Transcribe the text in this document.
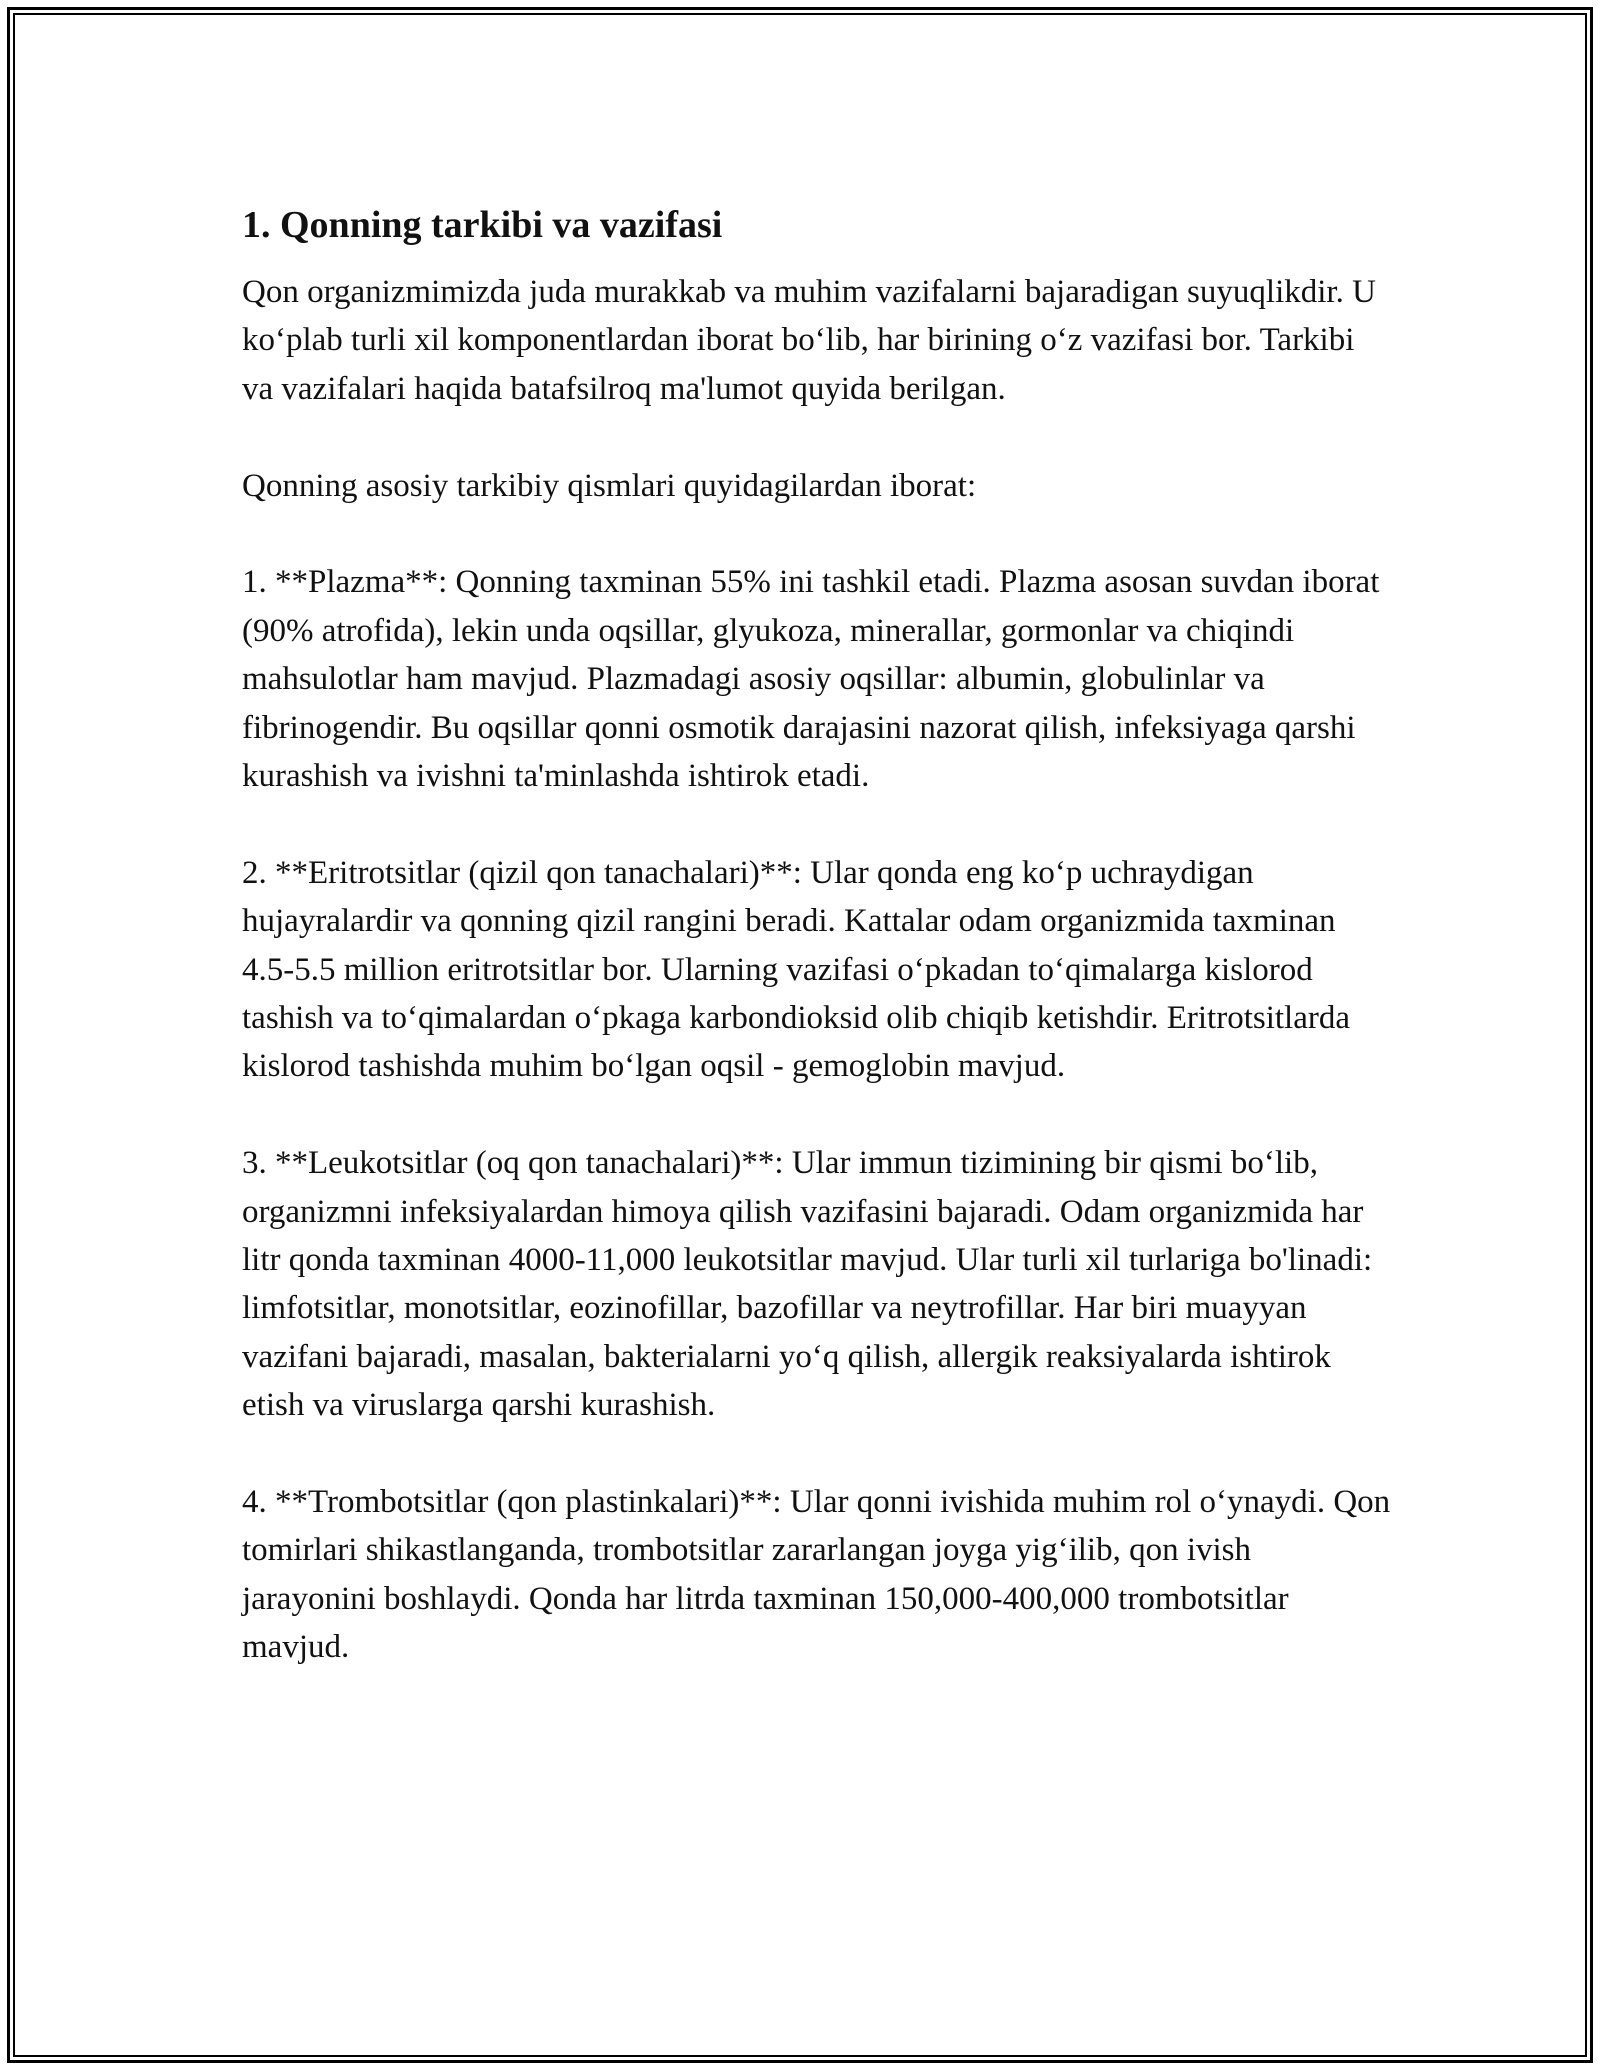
1. Qonning tarkibi va vazifasi

Qon organizmimizda juda murakkab va muhim vazifalarni bajaradigan suyuqlikdir. U ko‘plab turli xil komponentlardan iborat bo‘lib, har birining o‘z vazifasi bor. Tarkibi va vazifalari haqida batafsilroq ma'lumot quyida berilgan.

Qonning asosiy tarkibiy qismlari quyidagilardan iborat:

1. **Plazma**: Qonning taxminan 55% ini tashkil etadi. Plazma asosan suvdan iborat (90% atrofida), lekin unda oqsillar, glyukoza, minerallar, gormonlar va chiqindi mahsulotlar ham mavjud. Plazmadagi asosiy oqsillar: albumin, globulinlar va fibrinogendir. Bu oqsillar qonni osmotik darajasini nazorat qilish, infeksiyaga qarshi kurashish va ivishni ta'minlashda ishtirok etadi.

2. **Eritrotsitlar (qizil qon tanachalari)**: Ular qonda eng ko‘p uchraydigan hujayralardir va qonning qizil rangini beradi. Kattalar odam organizmida taxminan 4.5-5.5 million eritrotsitlar bor. Ularning vazifasi o‘pkadan to‘qimalarga kislorod tashish va to‘qimalardan o‘pkaga karbondioksid olib chiqib ketishdir. Eritrotsitlarda kislorod tashishda muhim bo‘lgan oqsil - gemoglobin mavjud.

3. **Leukotsitlar (oq qon tanachalari)**: Ular immun tizimining bir qismi bo‘lib, organizmni infeksiyalardan himoya qilish vazifasini bajaradi. Odam organizmida har litr qonda taxminan 4000-11,000 leukotsitlar mavjud. Ular turli xil turlariga bo'linadi: limfotsitlar, monotsitlar, eozinofillar, bazofillar va neytrofillar. Har biri muayyan vazifani bajaradi, masalan, bakterialarni yo‘q qilish, allergik reaksiyalarda ishtirok etish va viruslarga qarshi kurashish.

4. **Trombotsitlar (qon plastinkalari)**: Ular qonni ivishida muhim rol o‘ynaydi. Qon tomirlari shikastlanganda, trombotsitlar zararlangan joyga yig‘ilib, qon ivish jarayonini boshlaydi. Qonda har litrda taxminan 150,000-400,000 trombotsitlar mavjud.
